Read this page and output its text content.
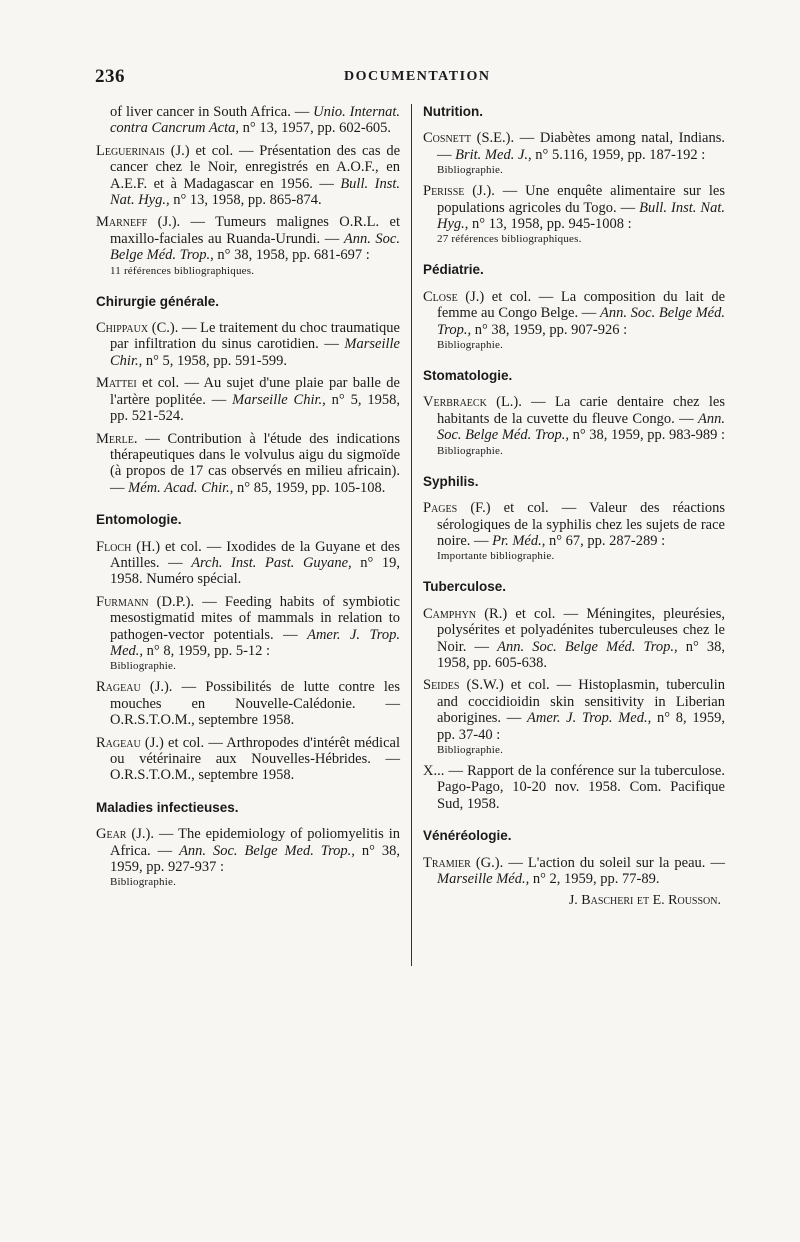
236	DOCUMENTATION
of liver cancer in South Africa. — Unio. Internat. contra Cancrum Acta, n° 13, 1957, pp. 602-605.
Leguerinais (J.) et col. — Présentation des cas de cancer chez le Noir, enregistrés en A.O.F., en A.E.F. et à Madagascar en 1956. — Bull. Inst. Nat. Hyg., n° 13, 1958, pp. 865-874.
Marneff (J.). — Tumeurs malignes O.R.L. et maxillo-faciales au Ruanda-Urundi. — Ann. Soc. Belge Méd. Trop., n° 38, 1958, pp. 681-697 :
11 références bibliographiques.
Chirurgie générale.
Chippaux (C.). — Le traitement du choc traumatique par infiltration du sinus carotidien. — Marseille Chir., n° 5, 1958, pp. 591-599.
Mattei et col. — Au sujet d'une plaie par balle de l'artère poplitée. — Marseille Chir., n° 5, 1958, pp. 521-524.
Merle. — Contribution à l'étude des indications thérapeutiques dans le volvulus aigu du sigmoïde (à propos de 17 cas observés en milieu africain). — Mém. Acad. Chir., n° 85, 1959, pp. 105-108.
Entomologie.
Floch (H.) et col. — Ixodides de la Guyane et des Antilles. — Arch. Inst. Past. Guyane, n° 19, 1958. Numéro spécial.
Furmann (D.P.). — Feeding habits of symbiotic mesostigmatid mites of mammals in relation to pathogen-vector potentials. — Amer. J. Trop. Med., n° 8, 1959, pp. 5-12 :
Bibliographie.
Rageau (J.). — Possibilités de lutte contre les mouches en Nouvelle-Calédonie. — O.R.S.T.O.M., septembre 1958.
Rageau (J.) et col. — Arthropodes d'intérêt médical ou vétérinaire aux Nouvelles-Hébrides. — O.R.S.T.O.M., septembre 1958.
Maladies infectieuses.
Gear (J.). — The epidemiology of poliomyelitis in Africa. — Ann. Soc. Belge Med. Trop., n° 38, 1959, pp. 927-937 :
Bibliographie.
Nutrition.
Cosnett (S.E.). — Diabètes among natal, Indians. — Brit. Med. J., n° 5.116, 1959, pp. 187-192 :
Bibliographie.
Perisse (J.). — Une enquête alimentaire sur les populations agricoles du Togo. — Bull. Inst. Nat. Hyg., n° 13, 1958, pp. 945-1008 :
27 références bibliographiques.
Pédiatrie.
Close (J.) et col. — La composition du lait de femme au Congo Belge. — Ann. Soc. Belge Méd. Trop., n° 38, 1959, pp. 907-926 :
Bibliographie.
Stomatologie.
Verbraeck (L.). — La carie dentaire chez les habitants de la cuvette du fleuve Congo. — Ann. Soc. Belge Méd. Trop., n° 38, 1959, pp. 983-989 :
Bibliographie.
Syphilis.
Pages (F.) et col. — Valeur des réactions sérologiques de la syphilis chez les sujets de race noire. — Pr. Méd., n° 67, pp. 287-289 :
Importante bibliographie.
Tuberculose.
Camphyn (R.) et col. — Méningites, pleurésies, polysérites et polyadénites tuberculeuses chez le Noir. — Ann. Soc. Belge Méd. Trop., n° 38, 1958, pp. 605-638.
Seides (S.W.) et col. — Histoplasmin, tuberculin and coccidioidin skin sensitivity in Liberian aborigines. — Amer. J. Trop. Med., n° 8, 1959, pp. 37-40 :
Bibliographie.
X... — Rapport de la conférence sur la tuberculose. Pago-Pago, 10-20 nov. 1958. Com. Pacifique Sud, 1958.
Vénéréologie.
Tramier (G.). — L'action du soleil sur la peau. — Marseille Méd., n° 2, 1959, pp. 77-89.
J. Bascheri et E. Rousson.
